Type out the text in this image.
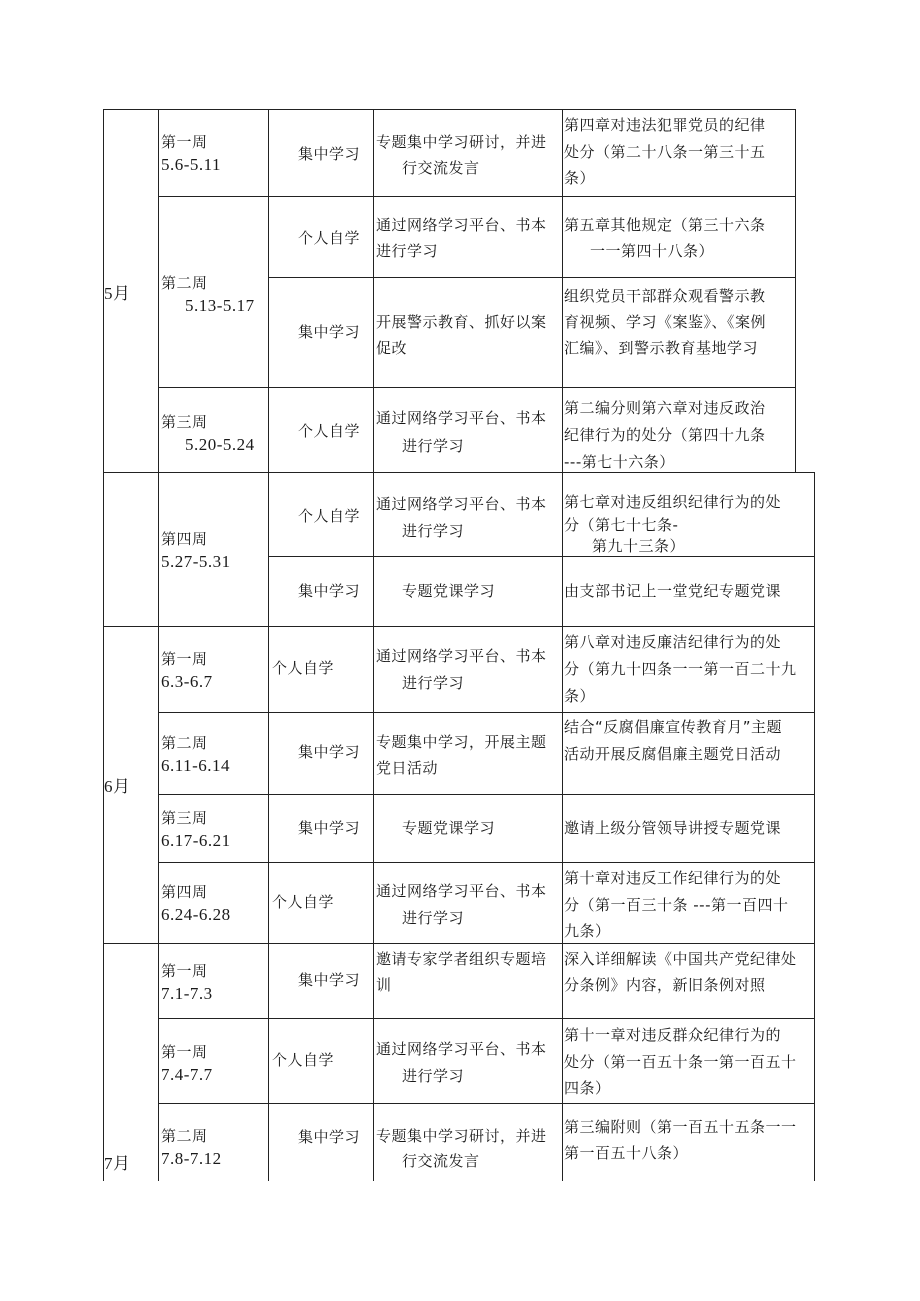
5月
6月
7月
第一周
5.6-5.11
第二周
5.13-5.17
第三周
5.20-5.24
第四周
5.27-5.31
第一周
6.3-6.7
第二周
6.11-6.14
第三周
6.17-6.21
第四周
6.24-6.28
第一周
7.1-7.3
第一周
7.4-7.7
第二周
7.8-7.12
集中学习
个人自学
集中学习
个人自学
个人自学
集中学习
个人自学
集中学习
集中学习
个人自学
集中学习
个人自学
集中学习
专题集中学习研讨，并进
行交流发言
通过网络学习平台、书本
进行学习
开展警示教育、抓好以案
促改
通过网络学习平台、书本
进行学习
通过网络学习平台、书本
进行学习
专题党课学习
通过网络学习平台、书本
进行学习
专题集中学习，开展主题
党日活动
专题党课学习
通过网络学习平台、书本
进行学习
邀请专家学者组织专题培
训
通过网络学习平台、书本
进行学习
专题集中学习研讨，并进
行交流发言
第四章对违法犯罪党员的纪律
处分（第二十八条一第三十五
条）
第五章其他规定（第三十六条
一一第四十八条）
组织党员干部群众观看警示教
育视频、学习《案鉴》、《案例
汇编》、到警示教育基地学习
第二编分则第六章对违反政治
纪律行为的处分（第四十九条
---第七十六条）
第七章对违反组织纪律行为的处
分（第七十七条-
第九十三条）
由支部书记上一堂党纪专题党课
第八章对违反廉洁纪律行为的处
分（第九十四条一一第一百二十九
条）
结合“反腐倡廉宣传教育月”主题
活动开展反腐倡廉主题党日活动
邀请上级分管领导讲授专题党课
第十章对违反工作纪律行为的处
分（第一百三十条 ---第一百四十
九条）
深入详细解读《中国共产党纪律处
分条例》内容，新旧条例对照
第十一章对违反群众纪律行为的
处分（第一百五十条一第一百五十
四条）
第三编附则（第一百五十五条一一
第一百五十八条）
